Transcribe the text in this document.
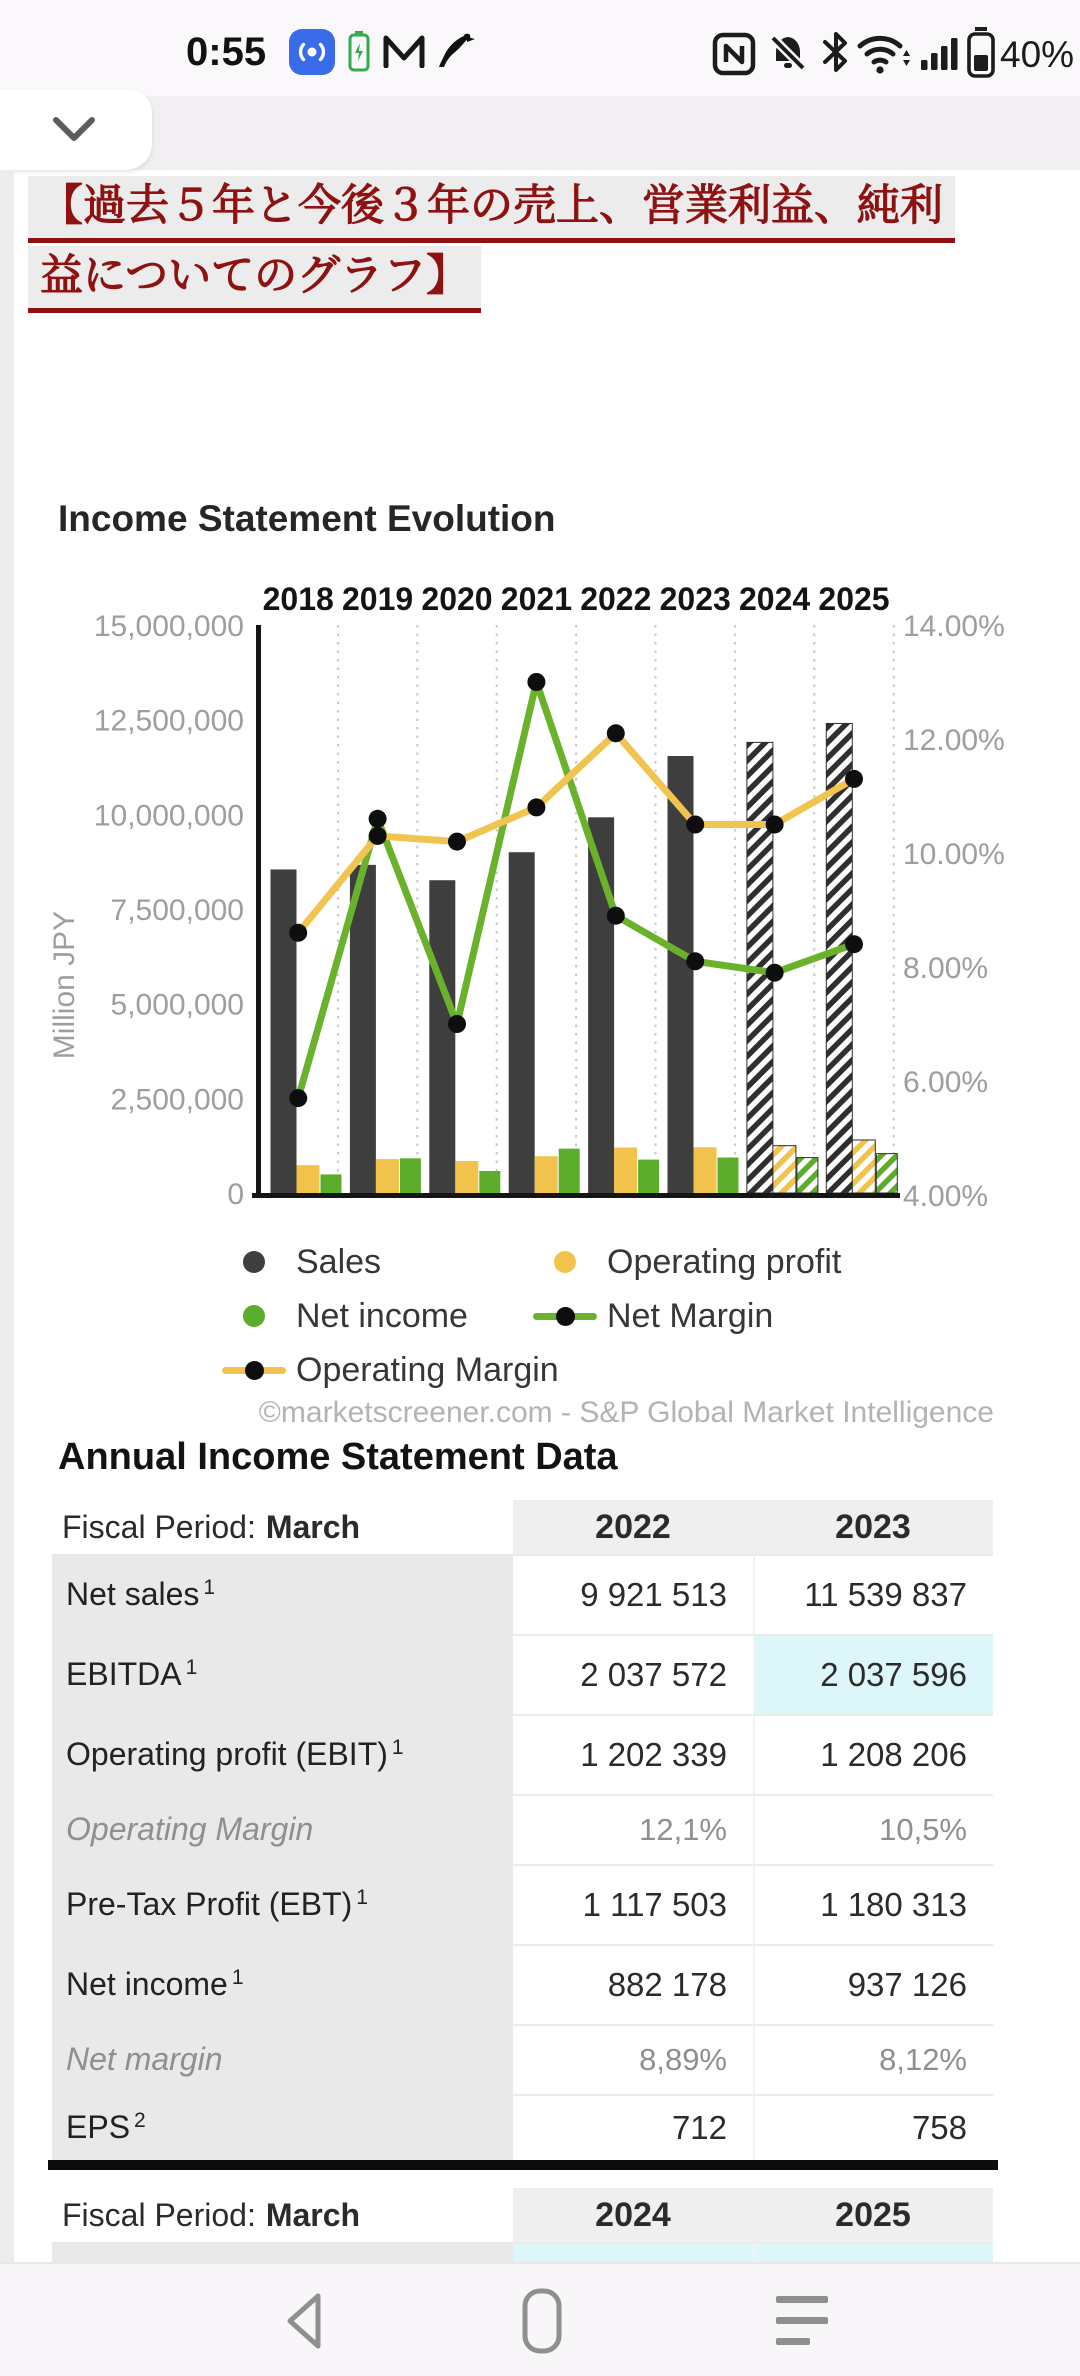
0:55	40%
【過去５年と今後３年の売上、営業利益、純利
益についてのグラフ】
Income Statement Evolution
2018 2019 2020 2021 2022 2023 2024 2025
15,000,000
12,500,000
10,000,000
7,500,000
5,000,000
2,500,000
0
14.00%
12.00%
10.00%
8.00%
6.00%
4.00%
Million JPY
Sales	Operating profit
Net income	Net Margin
Operating Margin
©marketscreener.com - S&P Global Market Intelligence
Annual Income Statement Data
Fiscal Period: March	2022	2023
Net sales 1	9 921 513	11 539 837
EBITDA 1	2 037 572	2 037 596
Operating profit (EBIT) 1	1 202 339	1 208 206
Operating Margin	12,1%	10,5%
Pre-Tax Profit (EBT) 1	1 117 503	1 180 313
Net income 1	882 178	937 126
Net margin	8,89%	8,12%
EPS 2	712	758
Fiscal Period: March	2024	2025
